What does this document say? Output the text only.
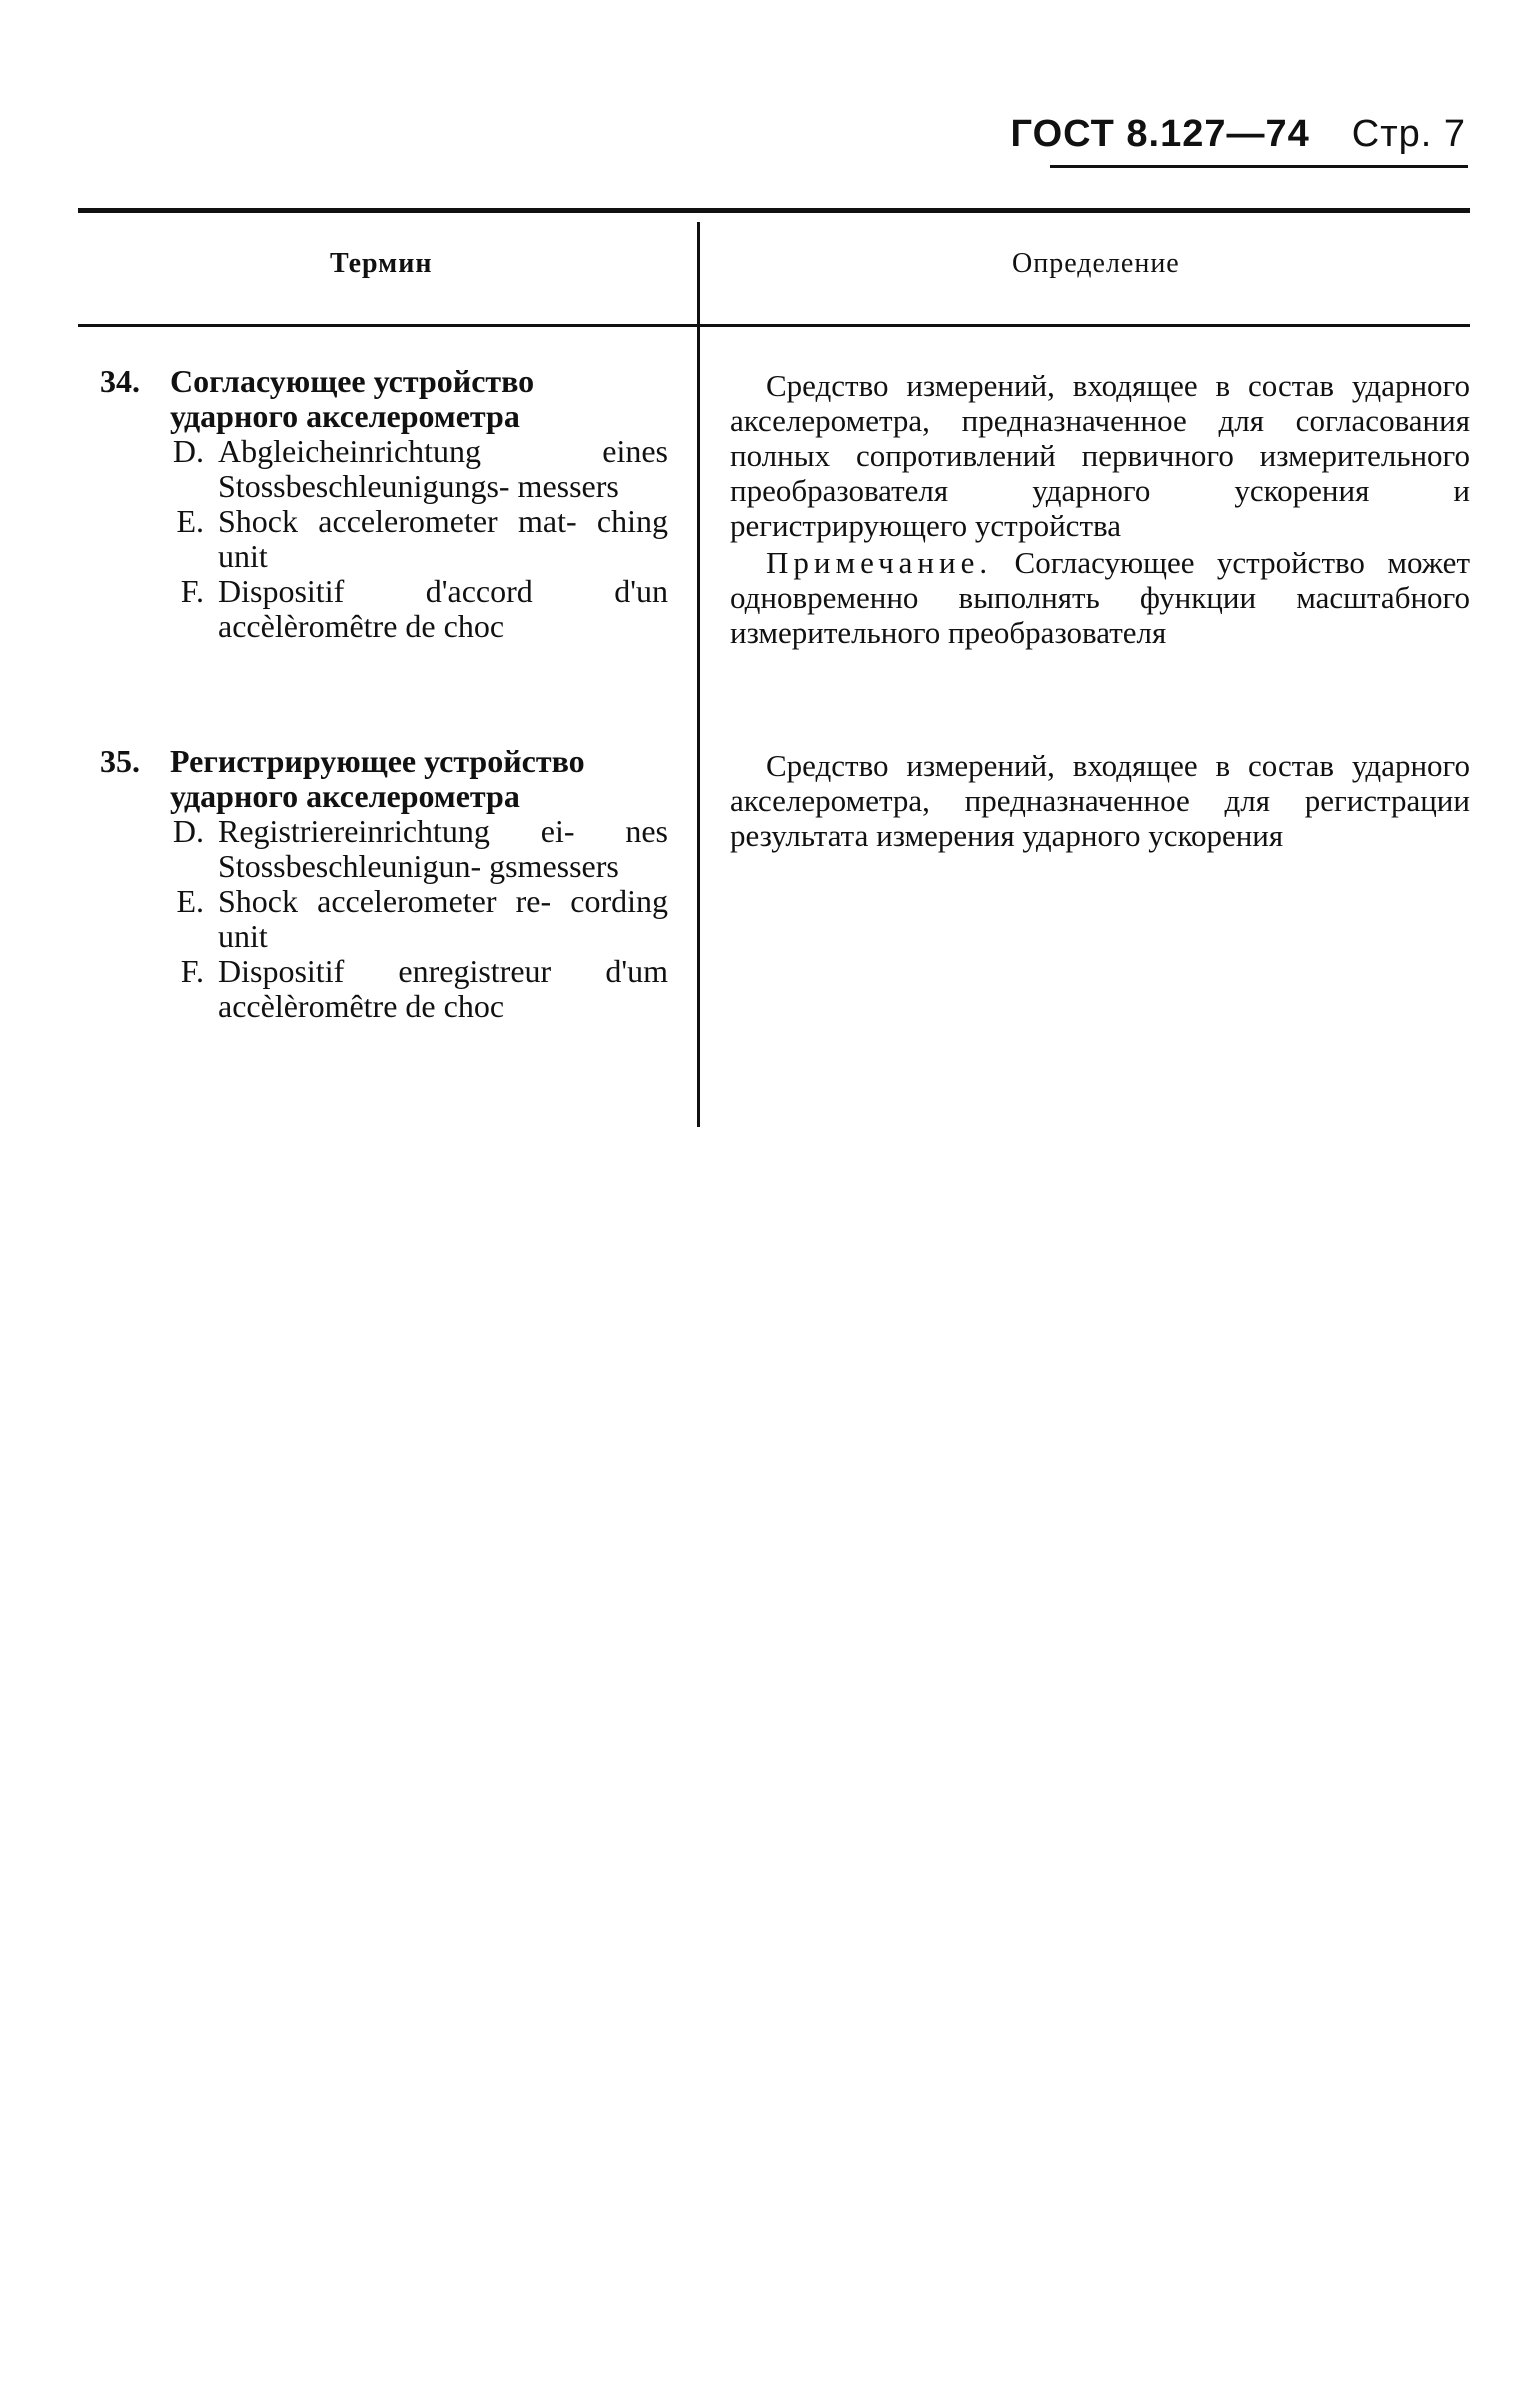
ГОСТ 8.127—74 Стр. 7
Термин	Определение
34. Согласующее устройство
ударного акселерометра
D. Abgleicheinrichtung eines Stossbeschleunigungs- messers
E. Shock accelerometer mat- ching unit
F. Dispositif d'accord d'un accèlèromêtre de choc

Средство измерений, входящее в состав ударного акселерометра, предназначенное для согласования полных сопротивлений первичного измерительного преобразователя ударного ускорения и регистрирующего устройства

Примечание. Согласующее устройство может одновременно выполнять функции масштабного измерительного преобразователя

35. Регистрирующее устройство
ударного акселерометра
D. Registriereinrichtung ei- nes Stossbeschleunigun- gsmessers
E. Shock accelerometer re- cording unit
F. Dispositif enregistreur d'um accèlèromêtre de choc

Средство измерений, входящее в состав ударного акселерометра, предназначенное для регистрации результата измерения ударного ускорения
